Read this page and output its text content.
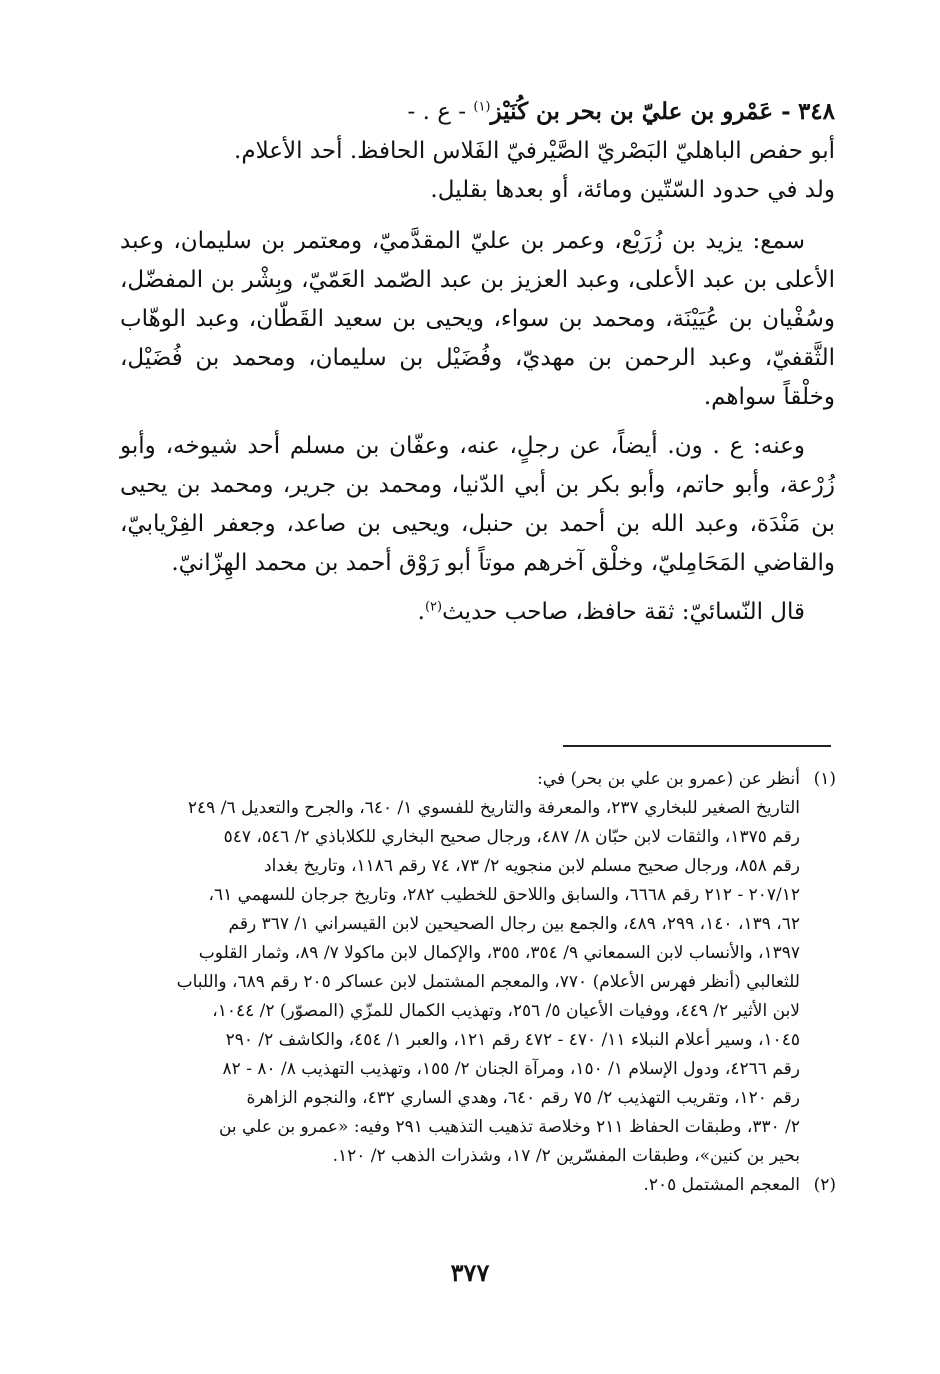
٣٤٨ - عَمْرو بن عليّ بن بحر بن كُنَيْز$^{(١)}$ - ع . -

أبو حفص الباهليّ البَصْريّ الصَّيْرفيّ الفَلاس الحافظ. أحد الأعلام.

ولد في حدود السّتّين ومائة، أو بعدها بقليل.

سمع: يزيد بن زُرَيْع، وعمر بن عليّ المقدَّميّ، ومعتمر بن سليمان، وعبد الأعلى بن عبد الأعلى، وعبد العزيز بن عبد الصّمد العَمّيّ، وبِشْر بن المفضّل، وسُفْيان بن عُيَيْنَة، ومحمد بن سواء، ويحيى بن سعيد القَطّان، وعبد الوهّاب الثَّقفيّ، وعبد الرحمن بن مهديّ، وفُضَيْل بن سليمان، ومحمد بن فُضَيْل، وخلْقاً سواهم.

وعنه: ع . ون. أيضاً، عن رجلٍ، عنه، وعفّان بن مسلم أحد شيوخه، وأبو زُرْعة، وأبو حاتم، وأبو بكر بن أبي الدّنيا، ومحمد بن جرير، ومحمد بن يحيى بن مَنْدَة، وعبد الله بن أحمد بن حنبل، ويحيى بن صاعد، وجعفر الفِرْيابيّ، والقاضي المَحَامِليّ، وخلْق آخرهم موتاً أبو رَوْق أحمد بن محمد الهِزّانيّ.

قال النّسائيّ: ثقة حافظ، صاحب حديث$^{(٢)}$.

(١)
أنظر عن (عمرو بن علي بن بحر) في:
التاريخ الصغير للبخاري ٢٣٧، والمعرفة والتاريخ للفسوي ١/ ٦٤٠، والجرح والتعديل ٦/ ٢٤٩
رقم ١٣٧٥، والثقات لابن حبّان ٨/ ٤٨٧، ورجال صحيح البخاري للكلاباذي ٢/ ٥٤٦، ٥٤٧
رقم ٨٥٨، ورجال صحيح مسلم لابن منجويه ٢/ ٧٣، ٧٤ رقم ١١٨٦، وتاريخ بغداد
٢٠٧/١٢ - ٢١٢ رقم ٦٦٦٨، والسابق واللاحق للخطيب ٢٨٢، وتاريخ جرجان للسهمي ٦١،
٦٢، ١٣٩، ١٤٠، ٢٩٩، ٤٨٩، والجمع بين رجال الصحيحين لابن القيسراني ١/ ٣٦٧ رقم
١٣٩٧، والأنساب لابن السمعاني ٩/ ٣٥٤، ٣٥٥، والإكمال لابن ماكولا ٧/ ٨٩، وثمار القلوب
للثعالبي (أنظر فهرس الأعلام) ٧٧٠، والمعجم المشتمل لابن عساكر ٢٠٥ رقم ٦٨٩، واللباب
لابن الأثير ٢/ ٤٤٩، ووفيات الأعيان ٥/ ٢٥٦، وتهذيب الكمال للمزّي (المصوّر) ٢/ ١٠٤٤،
١٠٤٥، وسير أعلام النبلاء ١١/ ٤٧٠ - ٤٧٢ رقم ١٢١، والعبر ١/ ٤٥٤، والكاشف ٢/ ٢٩٠
رقم ٤٢٦٦، ودول الإسلام ١/ ١٥٠، ومرآة الجنان ٢/ ١٥٥، وتهذيب التهذيب ٨/ ٨٠ - ٨٢
رقم ١٢٠، وتقريب التهذيب ٢/ ٧٥ رقم ٦٤٠، وهدي الساري ٤٣٢، والنجوم الزاهرة
٢/ ٣٣٠، وطبقات الحفاظ ٢١١ وخلاصة تذهيب التذهيب ٢٩١ وفيه: «عمرو بن علي بن
بحير بن كنين»، وطبقات المفسّرين ٢/ ١٧، وشذرات الذهب ٢/ ١٢٠.
(٢)
المعجم المشتمل ٢٠٥.
٣٧٧
